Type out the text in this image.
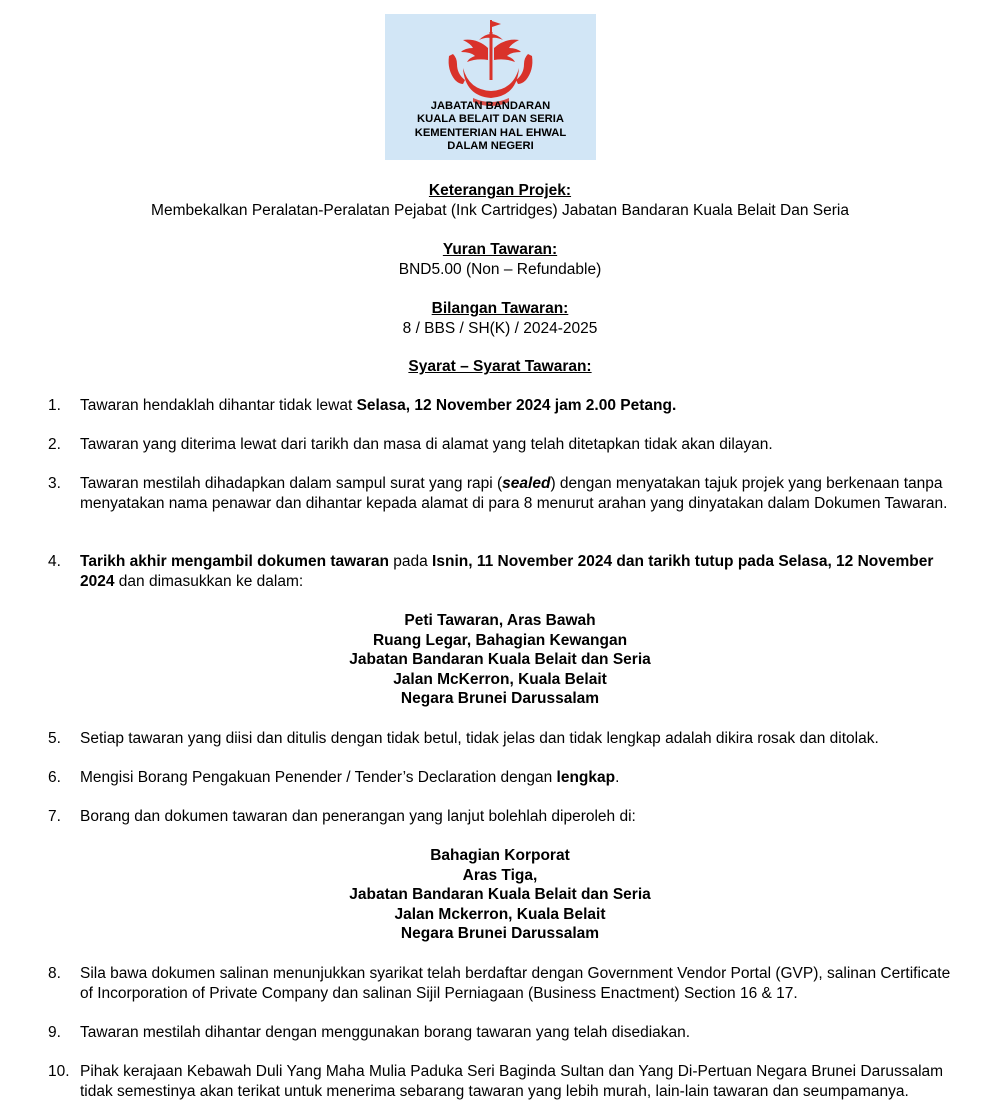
JABATAN BANDARAN
KUALA BELAIT DAN SERIA
KEMENTERIAN HAL EHWAL
DALAM NEGERI
Keterangan Projek:
Membekalkan Peralatan-Peralatan Pejabat (Ink Cartridges) Jabatan Bandaran Kuala Belait Dan Seria
Yuran Tawaran:
BND5.00 (Non – Refundable)
Bilangan Tawaran:
8 / BBS / SH(K) / 2024-2025
Syarat – Syarat Tawaran:
1. Tawaran hendaklah dihantar tidak lewat Selasa, 12 November 2024 jam 2.00 Petang.
2. Tawaran yang diterima lewat dari tarikh dan masa di alamat yang telah ditetapkan tidak akan dilayan.
3. Tawaran mestilah dihadapkan dalam sampul surat yang rapi (sealed) dengan menyatakan tajuk projek yang berkenaan tanpa menyatakan nama penawar dan dihantar kepada alamat di para 8 menurut arahan yang dinyatakan dalam Dokumen Tawaran.
4. Tarikh akhir mengambil dokumen tawaran pada Isnin, 11 November 2024 dan tarikh tutup pada Selasa, 12 November 2024 dan dimasukkan ke dalam:
Peti Tawaran, Aras Bawah
Ruang Legar, Bahagian Kewangan
Jabatan Bandaran Kuala Belait dan Seria
Jalan McKerron, Kuala Belait
Negara Brunei Darussalam
5. Setiap tawaran yang diisi dan ditulis dengan tidak betul, tidak jelas dan tidak lengkap adalah dikira rosak dan ditolak.
6. Mengisi Borang Pengakuan Penender / Tender’s Declaration dengan lengkap.
7. Borang dan dokumen tawaran dan penerangan yang lanjut bolehlah diperoleh di:
Bahagian Korporat
Aras Tiga,
Jabatan Bandaran Kuala Belait dan Seria
Jalan Mckerron, Kuala Belait
Negara Brunei Darussalam
8. Sila bawa dokumen salinan menunjukkan syarikat telah berdaftar dengan Government Vendor Portal (GVP), salinan Certificate of Incorporation of Private Company dan salinan Sijil Perniagaan (Business Enactment) Section 16 & 17.
9. Tawaran mestilah dihantar dengan menggunakan borang tawaran yang telah disediakan.
10. Pihak kerajaan Kebawah Duli Yang Maha Mulia Paduka Seri Baginda Sultan dan Yang Di-Pertuan Negara Brunei Darussalam tidak semestinya akan terikat untuk menerima sebarang tawaran yang lebih murah, lain-lain tawaran dan seumpamanya.
